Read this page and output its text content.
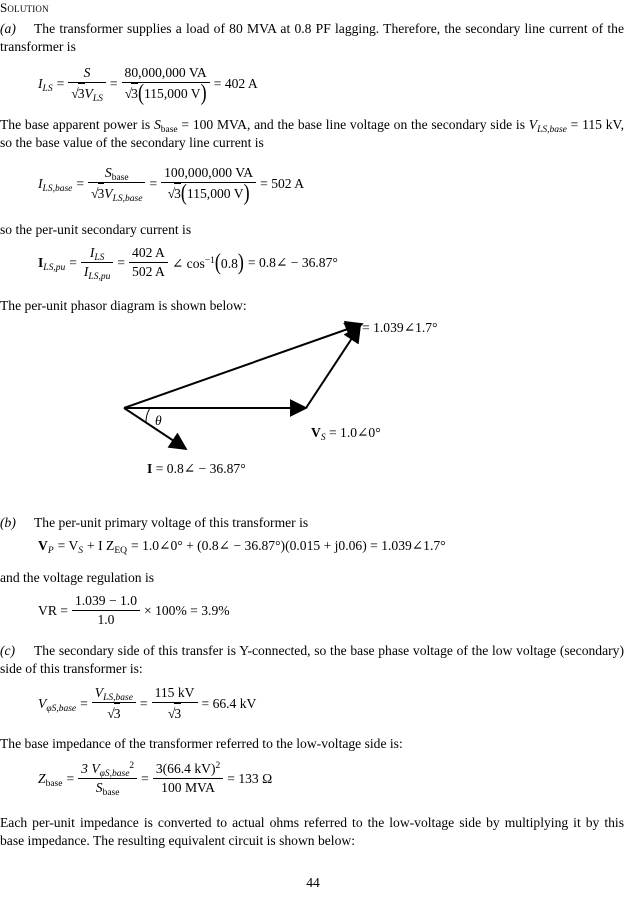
Solution
(a) The transformer supplies a load of 80 MVA at 0.8 PF lagging. Therefore, the secondary line current of the transformer is
$I_{LS} = \frac{S}{√3V_{LS}} = \frac{80,000,000 VA}{√3(115,000 V)} = 402$ A
The base apparent power is $S_{base} = 100$ MVA, and the base line voltage on the secondary side is $V_{LS,base} = 115$ kV, so the base value of the secondary line current is
$I_{LS,base} = \frac{S_{base}}{√3V_{LS,base}} = \frac{100,000,000 VA}{√3(115,000 V)} = 502$ A
so the per-unit secondary current is
$I_{LS,pu} = \frac{I_{LS}}{I_{LS,pu}} = \frac{402 A}{502 A}$ ∠ $\cos^{-1}(0.8)$ = 0.8∠ − 36.87°
The per-unit phasor diagram is shown below:
$V_P$ = 1.039∠1.7°
θ
$V_S$ = 1.0∠0°
I = 0.8∠ − 36.87°
(b) The per-unit primary voltage of this transformer is
$V_P = V_S + I$ $Z_{EQ}$ = 1.0∠0° + (0.8∠ − 36.87°)(0.015 + j0.06) = 1.039∠1.7°
and the voltage regulation is
VR = $\frac{1.039 - 1.0}{1.0} \times 100\% = 3.9\%$
(c) The secondary side of this transfer is Y-connected, so the base phase voltage of the low voltage (secondary) side of this transformer is:
$V_{\varphi S,base} = \frac{V_{LS,base}}{√3} = \frac{115 kV}{√3} = 66.4$ kV
The base impedance of the transformer referred to the low-voltage side is:
$Z_{base} = \frac{3 V_{\varphi S,base}^2}{S_{base}} = \frac{3(66.4 kV)^2}{\text{100 MVA}} = 133$ Ω
Each per-unit impedance is converted to actual ohms referred to the low-voltage side by multiplying it by this base impedance. The resulting equivalent circuit is shown below:
44
